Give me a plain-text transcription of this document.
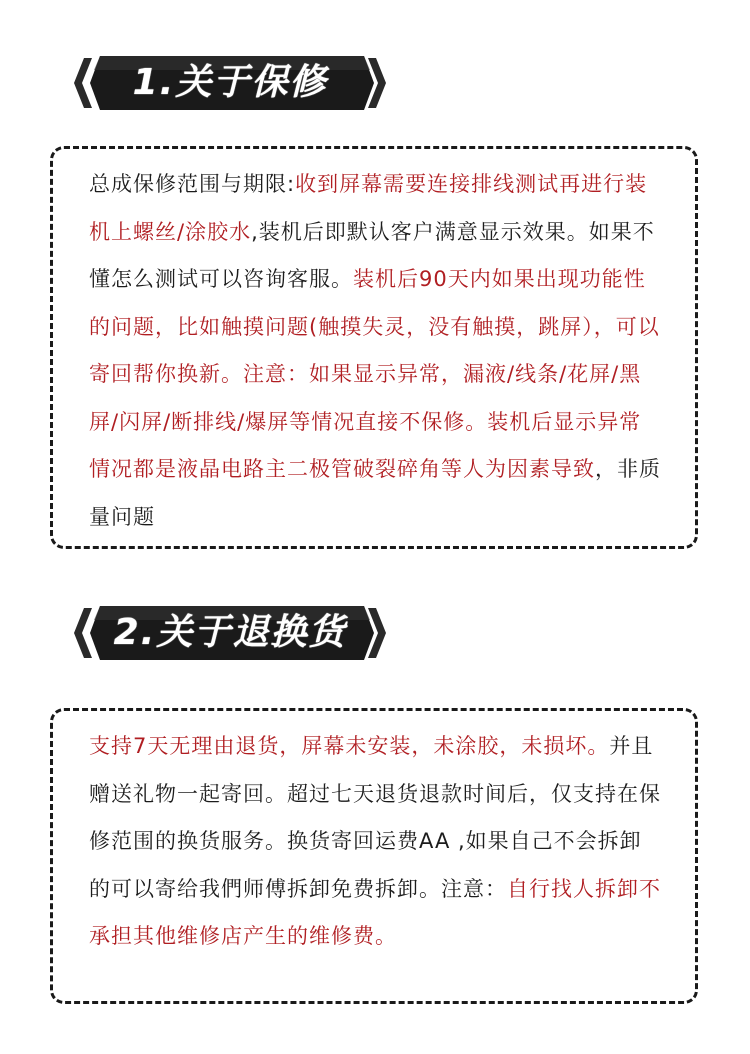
1.关于保修

总成保修范围与期限:收到屏幕需要连接排线测试再进行装机上螺丝/涂胶水,装机后即默认客户满意显示效果。如果不懂怎么测试可以咨询客服。装机后90天内如果出现功能性的问题，比如触摸问题(触摸失灵，没有触摸，跳屏），可以寄回帮你换新。注意：如果显示异常，漏液/线条/花屏/黑屏/闪屏/断排线/爆屏等情况直接不保修。装机后显示异常情况都是液晶电路主二极管破裂碎角等人为因素导致，非质量问题

2.关于退换货

支持7天无理由退货，屏幕未安装，未涂胶，未损坏。并且赠送礼物一起寄回。超过七天退货退款时间后，仅支持在保修范围的换货服务。换货寄回运费AA ,如果自己不会拆卸的可以寄给我們师傅拆卸免费拆卸。注意：自行找人拆卸不承担其他维修店产生的维修费。
